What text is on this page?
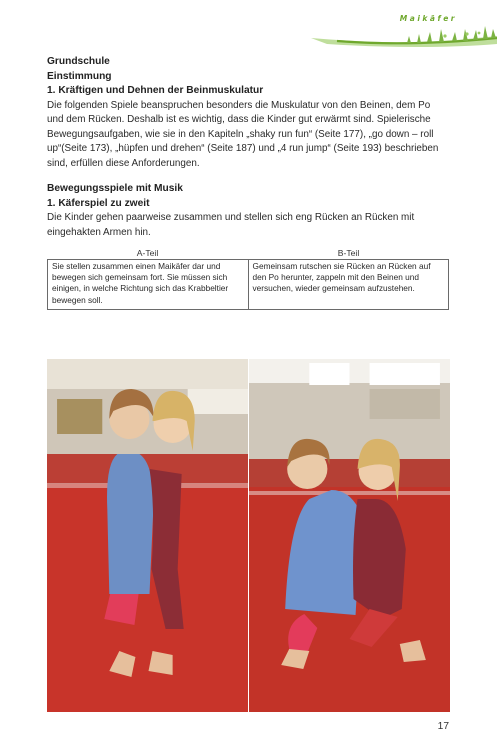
Maikäfer
Grundschule
Einstimmung
1. Kräftigen und Dehnen der Beinmuskulatur

Die folgenden Spiele beanspruchen besonders die Muskulatur von den Beinen, dem Po und dem Rücken. Deshalb ist es wichtig, dass die Kinder gut erwärmt sind. Spielerische Bewegungsaufgaben, wie sie in den Kapiteln „shaky run fun“ (Seite 177), „go down – roll up“(Seite 173), „hüpfen und drehen“ (Seite 187) und „4 run jump“ (Seite 193) beschrieben sind, erfüllen diese Anforderungen.

Bewegungsspiele mit Musik
1. Käferspiel zu zweit

Die Kinder gehen paarweise zusammen und stellen sich eng Rücken an Rücken mit eingehakten Armen hin.

A-Teil	B-Teil
Sie stellen zusammen einen Maikäfer dar und bewegen sich gemeinsam fort. Sie müssen sich einigen, in welche Richtung sich das Krabbeltier bewegen soll.	Gemeinsam rutschen sie Rücken an Rücken auf den Po herunter, zappeln mit den Beinen und versuchen, wieder gemeinsam aufzustehen.
17
